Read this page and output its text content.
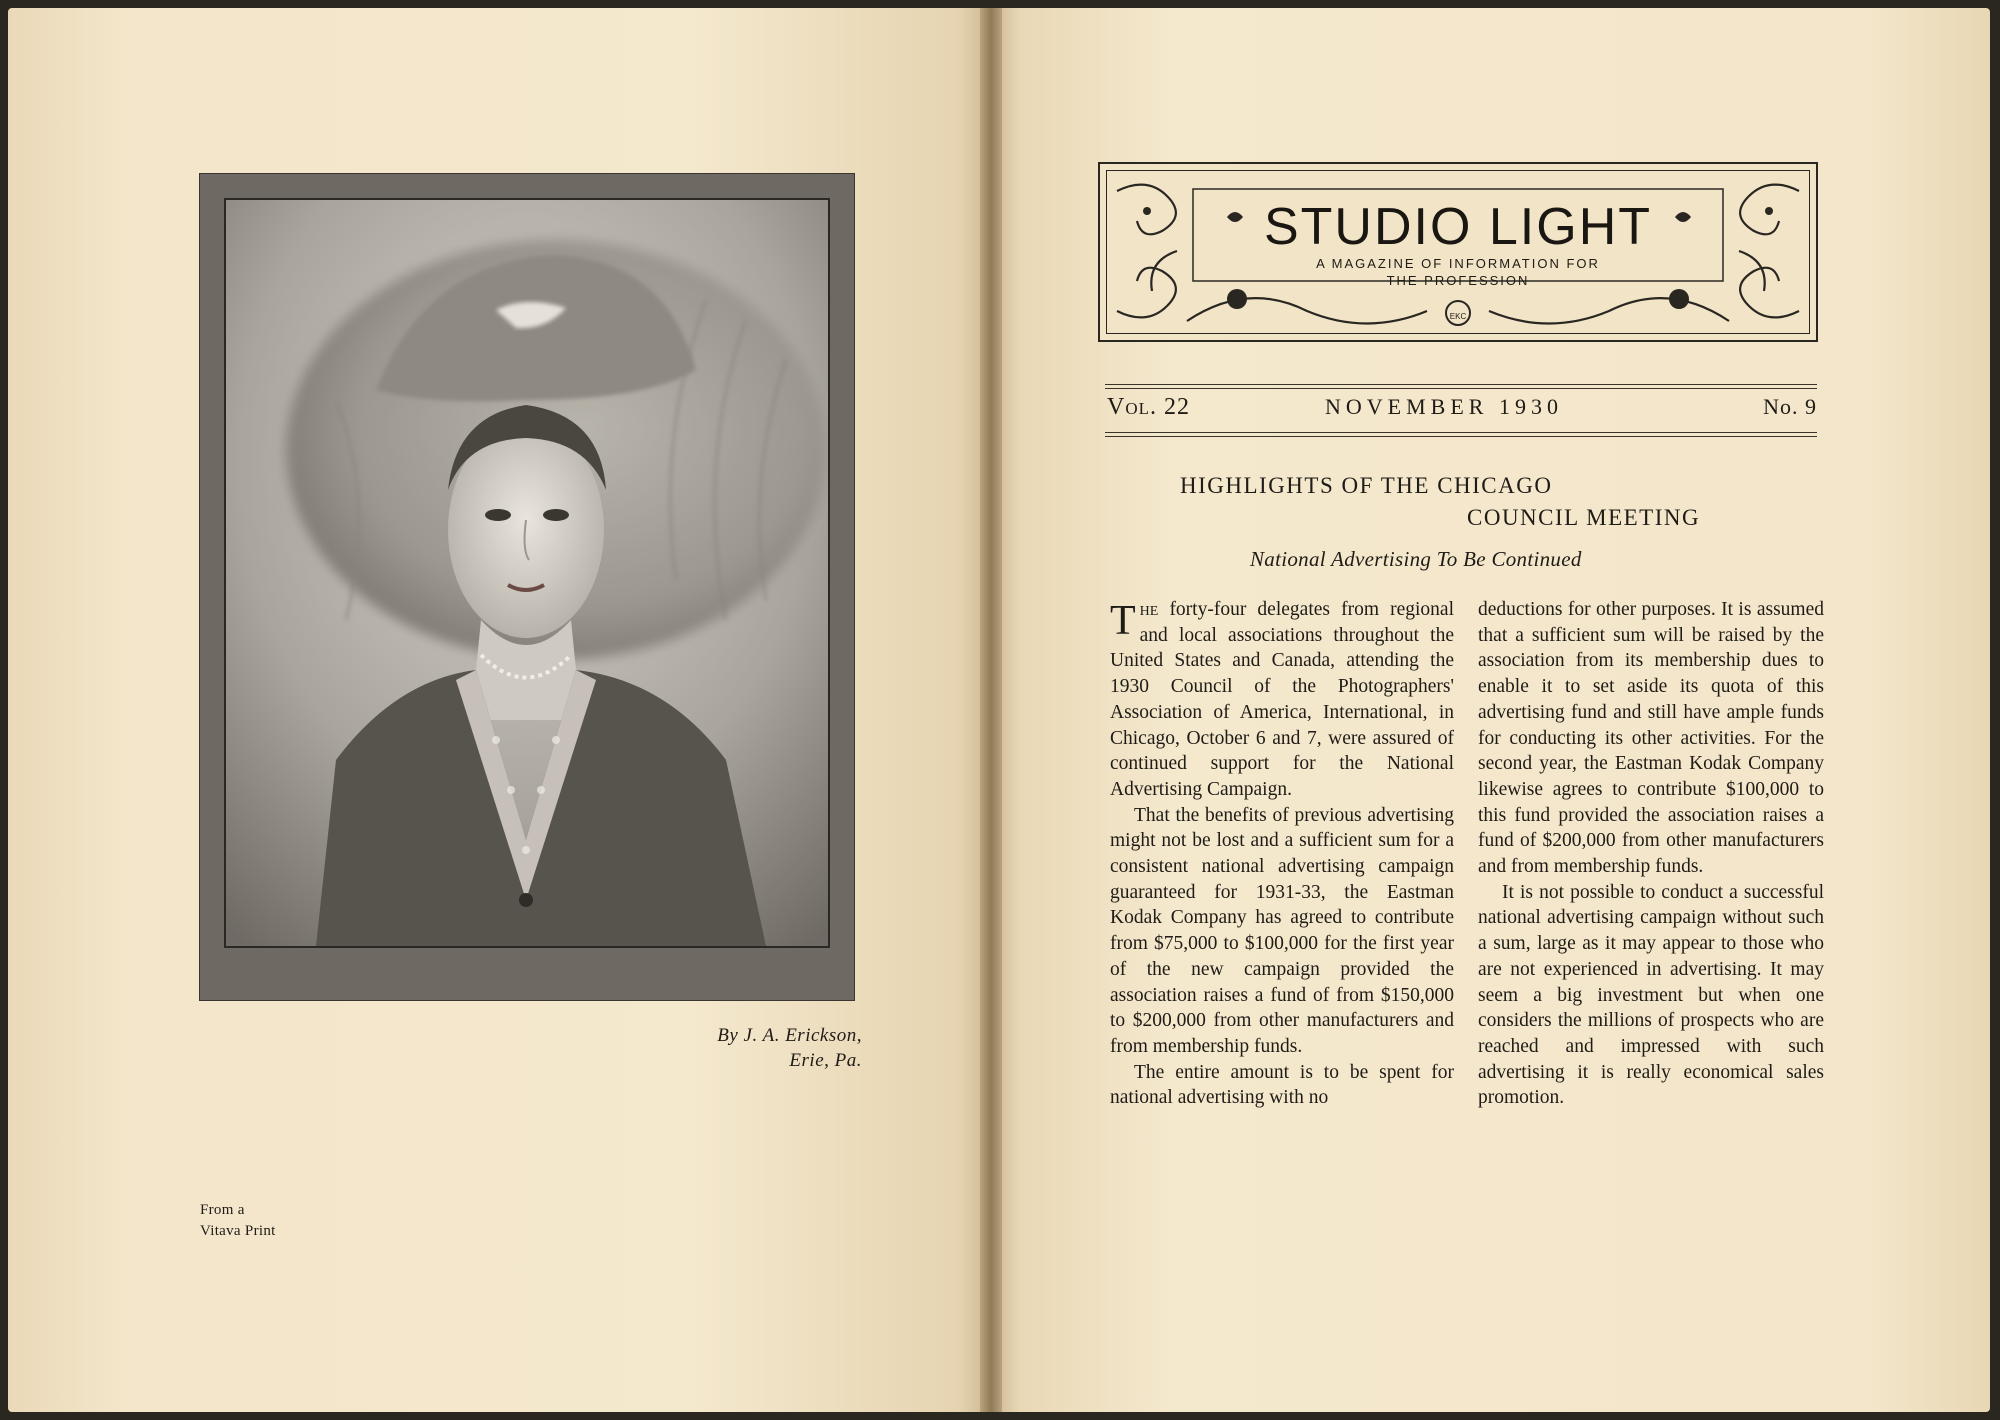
By J. A. Erickson,
Erie, Pa.
From a
Vitava Print
STUDIO LIGHT
A MAGAZINE OF INFORMATION FOR
THE PROFESSION
EKC
Vol. 22	NOVEMBER 1930	No. 9
HIGHLIGHTS OF THE CHICAGO
COUNCIL MEETING
National Advertising To Be Continued

The forty-four delegates from regional and local associations throughout the United States and Canada, attending the 1930 Council of the Photographers' Association of America, International, in Chicago, October 6 and 7, were assured of continued support for the National Advertising Campaign.

That the benefits of previous advertising might not be lost and a sufficient sum for a consistent national advertising campaign guaranteed for 1931-33, the Eastman Kodak Company has agreed to contribute from $75,000 to $100,000 for the first year of the new campaign provided the association raises a fund of from $150,000 to $200,000 from other manufacturers and from membership funds.

The entire amount is to be spent for national advertising with no

deductions for other purposes. It is assumed that a sufficient sum will be raised by the association from its membership dues to enable it to set aside its quota of this advertising fund and still have ample funds for conducting its other activities. For the second year, the Eastman Kodak Company likewise agrees to contribute $100,000 to this fund provided the association raises a fund of $200,000 from other manufacturers and from membership funds.

It is not possible to conduct a successful national advertising campaign without such a sum, large as it may appear to those who are not experienced in advertising. It may seem a big investment but when one considers the millions of prospects who are reached and impressed with such advertising it is really economical sales promotion.
